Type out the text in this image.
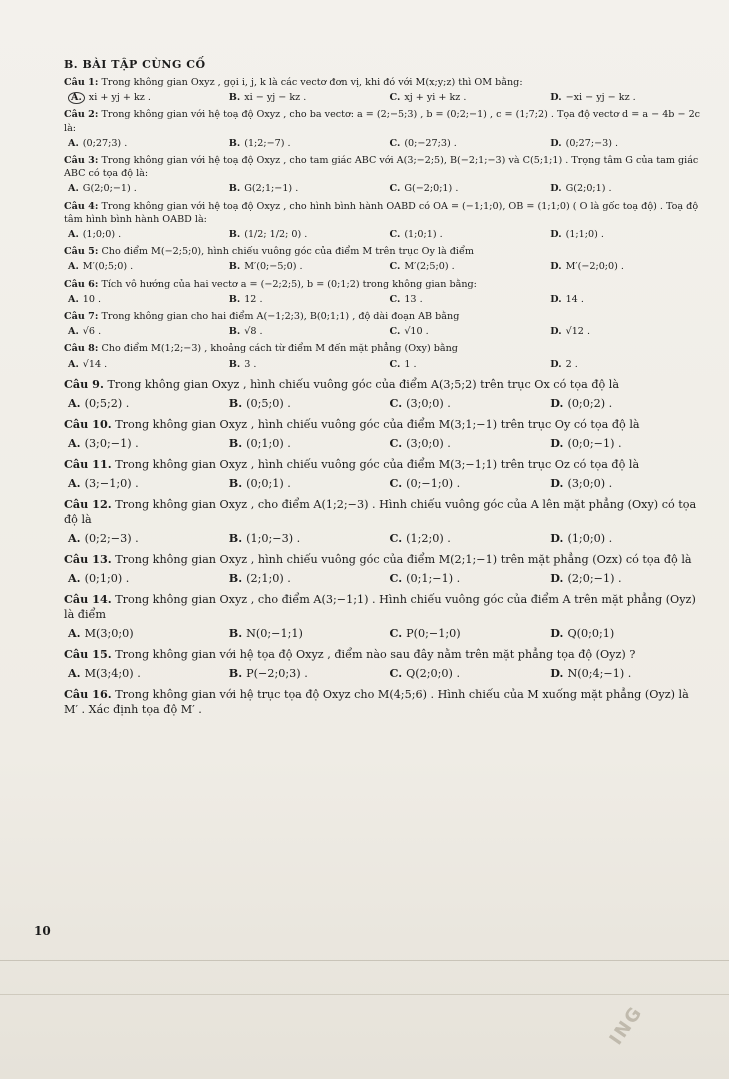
B. BÀI TẬP CÙNG CỐ
Câu 1: Trong không gian Oxyz , gọi i, j, k là các vectơ đơn vị, khi đó với M(x;y;z) thì OM bằng:
A. xi + yj + kz .	B. xi − yj − kz .	C. xj + yi + kz .	D. −xi − yj − kz .
Câu 2: Trong không gian với hệ toạ độ Oxyz , cho ba vectơ: a = (2;−5;3) , b = (0;2;−1) , c = (1;7;2) . Tọa độ vectơ d = a − 4b − 2c là:
A. (0;27;3) .	B. (1;2;−7) .	C. (0;−27;3) .	D. (0;27;−3) .
Câu 3: Trong không gian với hệ toạ độ Oxyz , cho tam giác ABC với A(3;−2;5), B(−2;1;−3) và C(5;1;1) . Trọng tâm G của tam giác ABC có tọa độ là:
A. G(2;0;−1) .	B. G(2;1;−1) .	C. G(−2;0;1) .	D. G(2;0;1) .
Câu 4: Trong không gian với hệ toạ độ Oxyz , cho hình bình hành OABD có OA = (−1;1;0), OB = (1;1;0) ( O là gốc toạ độ) . Toạ độ tâm hình bình hành OABD là:
A. (1;0;0) .	B. (1/2; 1/2; 0) .	C. (1;0;1) .	D. (1;1;0) .
Câu 5: Cho điểm M(−2;5;0), hình chiếu vuông góc của điểm M trên trục Oy là điểm
A. M′(0;5;0) .	B. M′(0;−5;0) .	C. M′(2;5;0) .	D. M′(−2;0;0) .
Câu 6: Tích vô hướng của hai vectơ a = (−2;2;5), b = (0;1;2) trong không gian bằng:
A. 10 .	B. 12 .	C. 13 .	D. 14 .
Câu 7: Trong không gian cho hai điểm A(−1;2;3), B(0;1;1) , độ dài đoạn AB bằng
A. √6 .	B. √8 .	C. √10 .	D. √12 .
Câu 8: Cho điểm M(1;2;−3) , khoảng cách từ điểm M đến mặt phẳng (Oxy) bằng
A. √14 .	B. 3 .	C. 1 .	D. 2 .
Câu 9. Trong không gian Oxyz , hình chiếu vuông góc của điểm A(3;5;2) trên trục Ox có tọa độ là
A. (0;5;2) .	B. (0;5;0) .	C. (3;0;0) .	D. (0;0;2) .
Câu 10. Trong không gian Oxyz , hình chiếu vuông góc của điểm M(3;1;−1) trên trục Oy có tọa độ là
A. (3;0;−1) .	B. (0;1;0) .	C. (3;0;0) .	D. (0;0;−1) .
Câu 11. Trong không gian Oxyz , hình chiếu vuông góc của điểm M(3;−1;1) trên trục Oz có tọa độ là
A. (3;−1;0) .	B. (0;0;1) .	C. (0;−1;0) .	D. (3;0;0) .
Câu 12. Trong không gian Oxyz , cho điểm A(1;2;−3) . Hình chiếu vuông góc của A lên mặt phẳng (Oxy) có tọa độ là
A. (0;2;−3) .	B. (1;0;−3) .	C. (1;2;0) .	D. (1;0;0) .
Câu 13. Trong không gian Oxyz , hình chiếu vuông góc của điểm M(2;1;−1) trên mặt phẳng (Ozx) có tọa độ là
A. (0;1;0) .	B. (2;1;0) .	C. (0;1;−1) .	D. (2;0;−1) .
Câu 14. Trong không gian Oxyz , cho điểm A(3;−1;1) . Hình chiếu vuông góc của điểm A trên mặt phẳng (Oyz) là điểm
A. M(3;0;0)	B. N(0;−1;1)	C. P(0;−1;0)	D. Q(0;0;1)
Câu 15. Trong không gian với hệ tọa độ Oxyz , điểm nào sau đây nằm trên mặt phẳng tọa độ (Oyz) ?
A. M(3;4;0) .	B. P(−2;0;3) .	C. Q(2;0;0) .	D. N(0;4;−1) .
Câu 16. Trong không gian với hệ trục tọa độ Oxyz cho M(4;5;6) . Hình chiếu của M xuống mặt phẳng (Oyz) là M′ . Xác định tọa độ M′ .
10
ING
